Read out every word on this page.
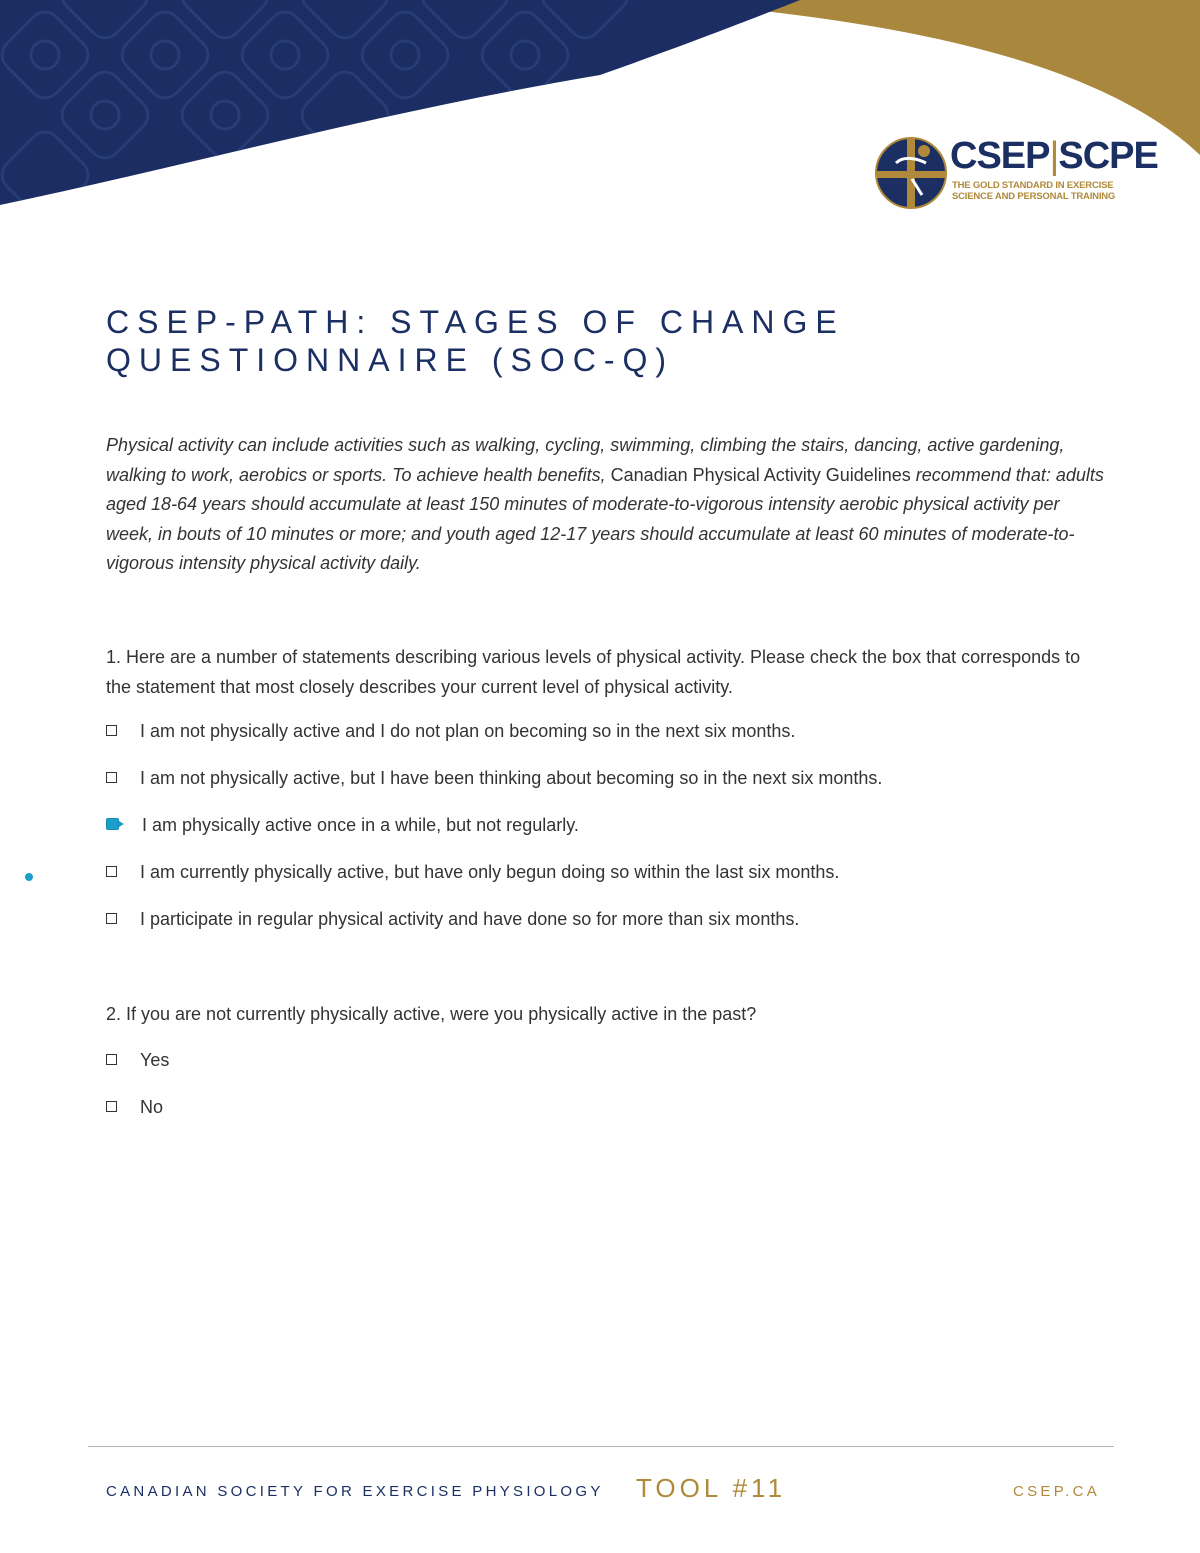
CSEP|SCPE
THE GOLD STANDARD IN EXERCISE
SCIENCE AND PERSONAL TRAINING
CSEP-PATH: STAGES OF CHANGE
QUESTIONNAIRE (SOC-Q)

Physical activity can include activities such as walking, cycling, swimming, climbing the stairs, dancing, active gardening, walking to work, aerobics or sports. To achieve health benefits, Canadian Physical Activity Guidelines recommend that: adults aged 18-64 years should accumulate at least 150 minutes of moderate-to-vigorous intensity aerobic physical activity per week, in bouts of 10 minutes or more; and youth aged 12-17 years should accumulate at least 60 minutes of moderate-to-vigorous intensity physical activity daily.

1. Here are a number of statements describing various levels of physical activity. Please check the box that corresponds to the statement that most closely describes your current level of physical activity.

I am not physically active and I do not plan on becoming so in the next six months.
I am not physically active, but I have been thinking about becoming so in the next six months.
I am physically active once in a while, but not regularly.
I am currently physically active, but have only begun doing so within the last six months.
I participate in regular physical activity and have done so for more than six months.

2. If you are not currently physically active, were you physically active in the past?

Yes
No
CANADIAN SOCIETY FOR EXERCISE PHYSIOLOGY TOOL #11	CSEP.CA
